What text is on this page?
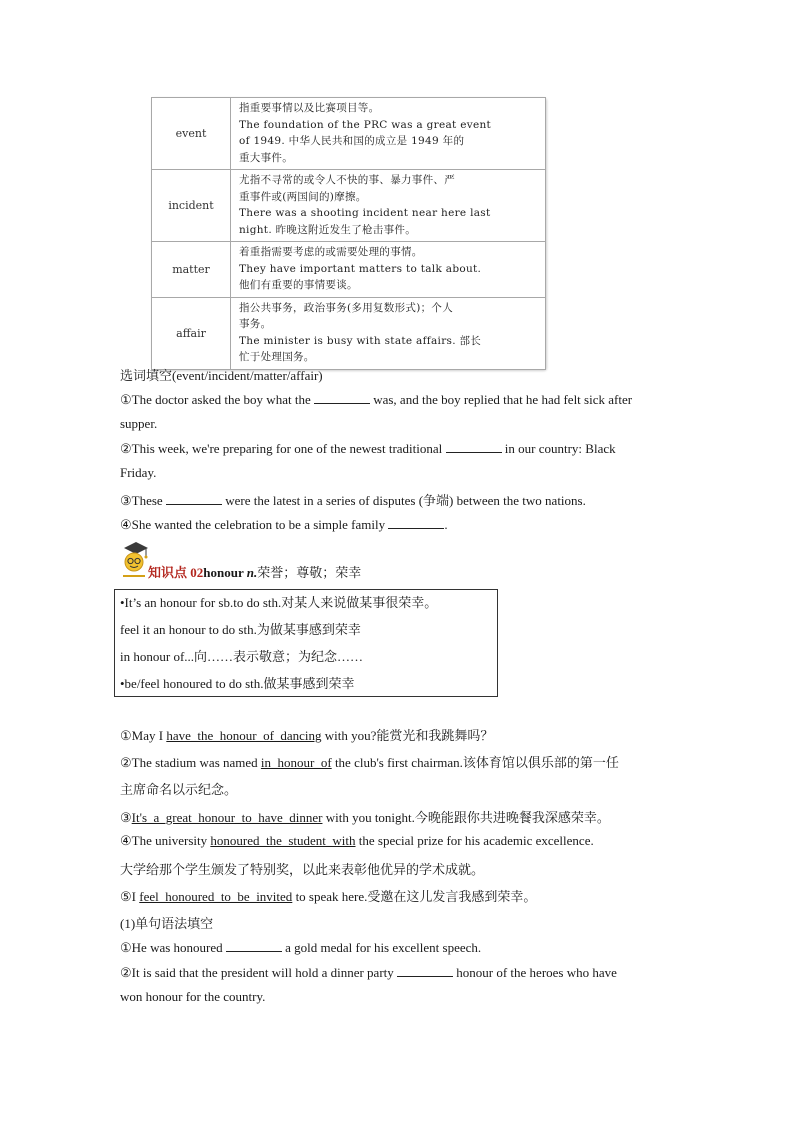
event	指重要事情以及比赛项目等。
The foundation of the PRC was a great event
of 1949. 中华人民共和国的成立是 1949 年的
重大事件。

incident	尤指不寻常的或令人不快的事、暴力事件、严
重事件或(两国间的)摩擦。
There was a shooting incident near here last
night. 昨晚这附近发生了枪击事件。

matter	着重指需要考虑的或需要处理的事情。
They have important matters to talk about.
他们有重要的事情要谈。

affair	指公共事务，政治事务(多用复数形式)；个人
事务。
The minister is busy with state affairs. 部长
忙于处理国务。
选词填空(event/incident/matter/affair)
①The doctor asked the boy what the	was, and the boy replied that he had felt sick after
supper.
②This week, we're preparing for one of the newest traditional	in our country: Black
Friday.
③These	were the latest in a series of disputes (争端) between the two nations.
④She wanted the celebration to be a simple family	.
知识点 02honour n.荣誉；尊敬；荣幸
•It’s an honour for sb.to do sth.对某人来说做某事很荣幸。
feel it an honour to do sth.为做某事感到荣幸
in honour of...向……表示敬意；为纪念……
•be/feel honoured to do sth.做某事感到荣幸
①May I have_the_honour_of_dancing with you?能赏光和我跳舞吗？
②The stadium was named in_honour_of the club's first chairman.该体育馆以俱乐部的第一任
主席命名以示纪念。
③It's_a_great_honour_to_have_dinner with you tonight.今晚能跟你共进晚餐我深感荣幸。
④The university honoured_the_student_with the special prize for his academic excellence.
大学给那个学生颁发了特别奖，以此来表彰他优异的学术成就。
⑤I feel_honoured_to_be_invited to speak here.受邀在这儿发言我感到荣幸。
(1)单句语法填空
①He was honoured	a gold medal for his excellent speech.
②It is said that the president will hold a dinner party	honour of the heroes who have
won honour for the country.
